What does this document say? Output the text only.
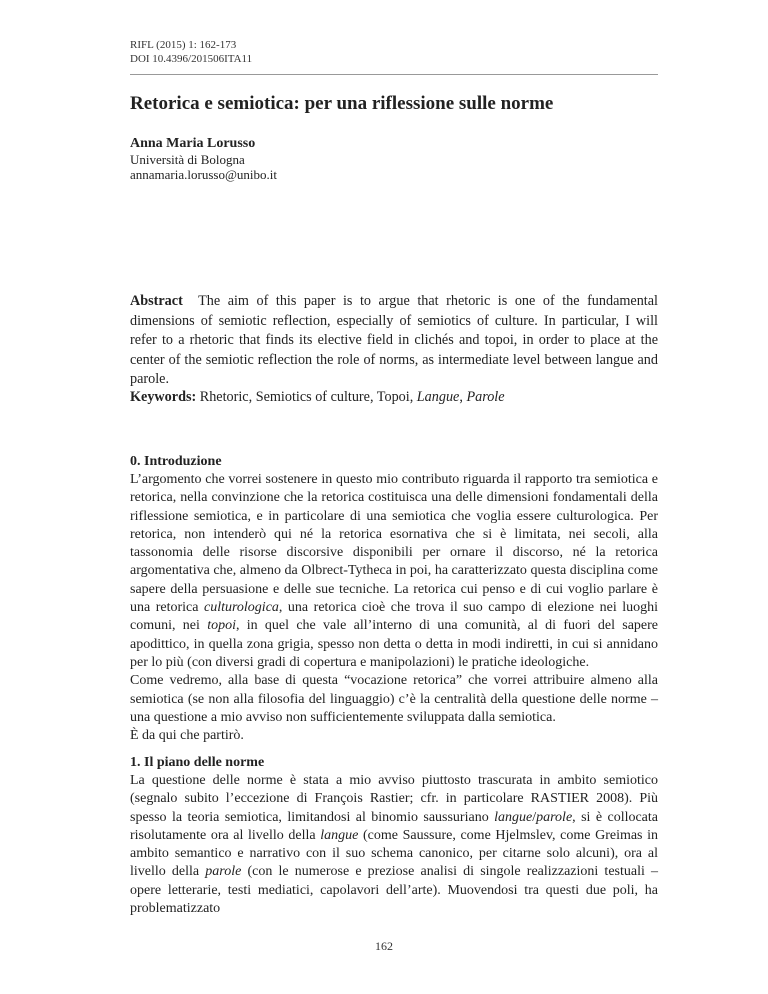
RIFL (2015) 1: 162-173
DOI 10.4396/201506ITA11
Retorica e semiotica: per una riflessione sulle norme
Anna Maria Lorusso
Università di Bologna
annamaria.lorusso@unibo.it

Abstract The aim of this paper is to argue that rhetoric is one of the fundamental dimensions of semiotic reflection, especially of semiotics of culture. In particular, I will refer to a rhetoric that finds its elective field in clichés and topoi, in order to place at the center of the semiotic reflection the role of norms, as intermediate level between langue and parole.

Keywords: Rhetoric, Semiotics of culture, Topoi, Langue, Parole

0. Introduzione

L’argomento che vorrei sostenere in questo mio contributo riguarda il rapporto tra semiotica e retorica, nella convinzione che la retorica costituisca una delle dimensioni fondamentali della riflessione semiotica, e in particolare di una semiotica che voglia essere culturologica. Per retorica, non intenderò qui né la retorica esornativa che si è limitata, nei secoli, alla tassonomia delle risorse discorsive disponibili per ornare il discorso, né la retorica argomentativa che, almeno da Olbrect-Tytheca in poi, ha caratterizzato questa disciplina come sapere della persuasione e delle sue tecniche. La retorica cui penso e di cui voglio parlare è una retorica culturologica, una retorica cioè che trova il suo campo di elezione nei luoghi comuni, nei topoi, in quel che vale all’interno di una comunità, al di fuori del sapere apodittico, in quella zona grigia, spesso non detta o detta in modi indiretti, in cui si annidano per lo più (con diversi gradi di copertura e manipolazioni) le pratiche ideologiche.

Come vedremo, alla base di questa “vocazione retorica” che vorrei attribuire almeno alla semiotica (se non alla filosofia del linguaggio) c’è la centralità della questione delle norme – una questione a mio avviso non sufficientemente sviluppata dalla semiotica.

È da qui che partirò.

1. Il piano delle norme

La questione delle norme è stata a mio avviso piuttosto trascurata in ambito semiotico (segnalo subito l’eccezione di François Rastier; cfr. in particolare RASTIER 2008). Più spesso la teoria semiotica, limitandosi al binomio saussuriano langue/parole, si è collocata risolutamente ora al livello della langue (come Saussure, come Hjelmslev, come Greimas in ambito semantico e narrativo con il suo schema canonico, per citarne solo alcuni), ora al livello della parole (con le numerose e preziose analisi di singole realizzazioni testuali – opere letterarie, testi mediatici, capolavori dell’arte). Muovendosi tra questi due poli, ha problematizzato

162
